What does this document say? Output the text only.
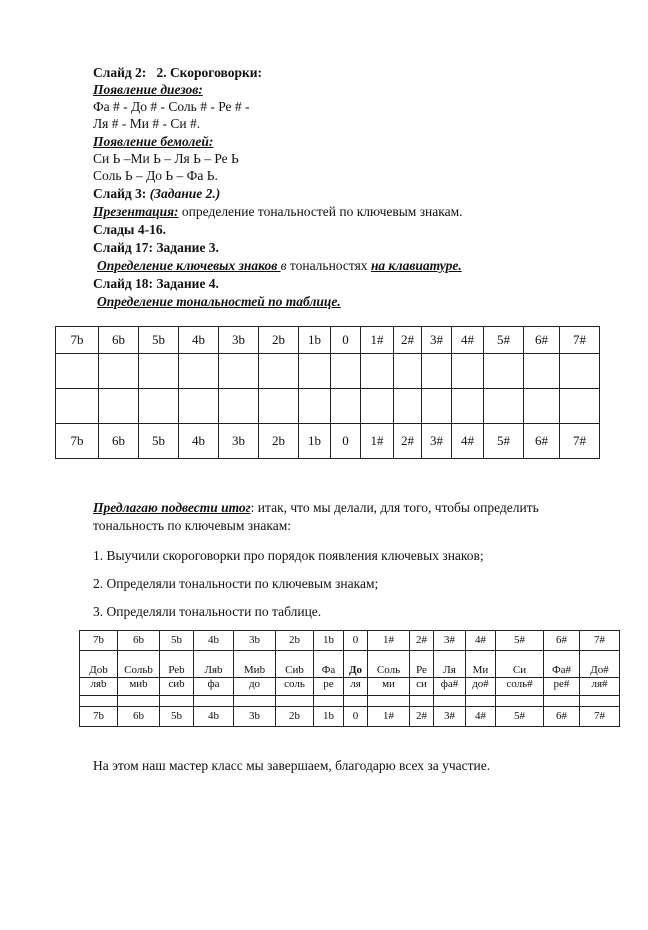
Слайд 2: 2. Скороговорки:
Появление диезов:
Фа # - До # - Соль # - Ре # -
Ля # - Ми # - Си #.
Появление бемолей:
Си Ь –Ми Ь – Ля Ь – Ре Ь
Соль Ь – До Ь – Фа Ь.
Слайд 3: (Задание 2.)
Презентация: определение тональностей по ключевым знакам.
Слады 4-16.
Слайд 17: Задание 3.
Определение ключевых знаков в тональностях на клавиатуре.
Слайд 18: Задание 4.
Определение тональностей по таблице.
7b	6b	5b	4b	3b	2b	1b	0	1#	2#	3#	4#	5#	6#	7#

7b	6b	5b	4b	3b	2b	1b	0	1#	2#	3#	4#	5#	6#	7#
Предлагаю подвести итог: итак, что мы делали, для того, чтобы определить
тональность по ключевым знакам:
1. Выучили скороговорки про порядок появления ключевых знаков;
2. Определяли тональности по ключевым знакам;
3. Определяли тональности по таблице.
7b	6b	5b	4b	3b	2b	1b	0	1#	2#	3#	4#	5#	6#	7#
Доb	Сольb	Реb	Ляb	Миb	Сиb	Фа	До	Соль	Ре	Ля	Ми	Си	Фа#	До#
ляb	миb	сиb	фа	до	соль	ре	ля	ми	си	фа#	до#	соль#	ре#	ля#

7b	6b	5b	4b	3b	2b	1b	0	1#	2#	3#	4#	5#	6#	7#
На этом наш мастер класс мы завершаем, благодарю всех за участие.
